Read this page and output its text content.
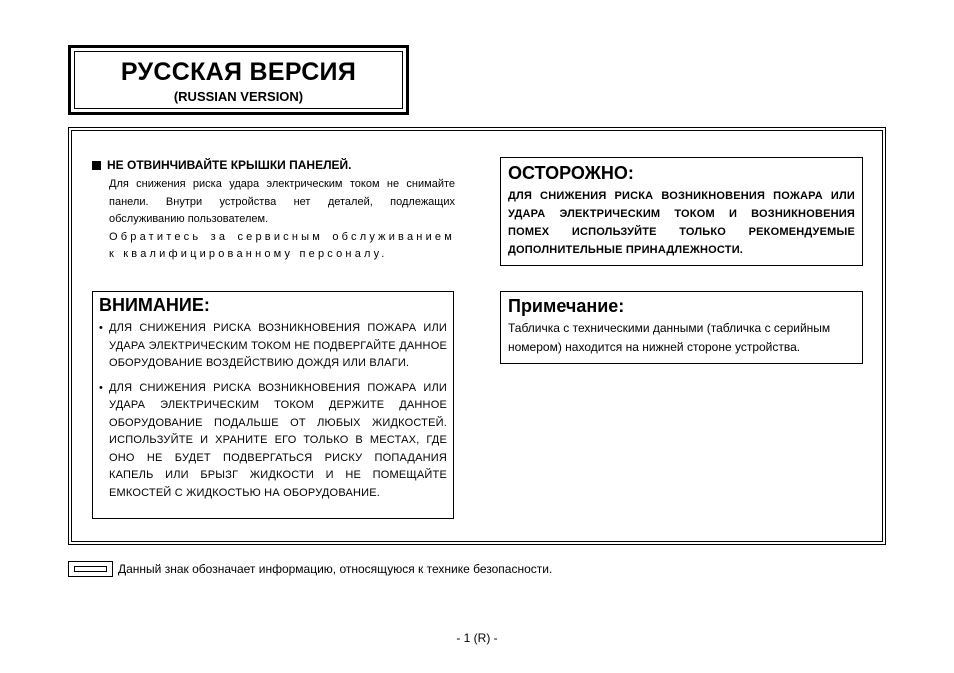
РУССКАЯ ВЕРСИЯ
(RUSSIAN VERSION)
НЕ ОТВИНЧИВАЙТЕ КРЫШКИ ПАНЕЛЕЙ.

Для снижения риска удара электрическим током не снимайте панели. Внутри устройства нет деталей, подлежащих обслуживанию пользователем.

Обратитесь за сервисным обслуживанием к квалифицированному персоналу.

ОСТОРОЖНО:
ДЛЯ СНИЖЕНИЯ РИСКА ВОЗНИКНОВЕНИЯ ПОЖАРА ИЛИ УДАРА ЭЛЕКТРИЧЕСКИМ ТОКОМ И ВОЗНИКНОВЕНИЯ ПОМЕХ ИСПОЛЬЗУЙТЕ ТОЛЬКО РЕКОМЕНДУЕМЫЕ ДОПОЛНИТЕЛЬНЫЕ ПРИНАДЛЕЖНОСТИ.
ВНИМАНИЕ:
• ДЛЯ СНИЖЕНИЯ РИСКА ВОЗНИКНОВЕНИЯ ПОЖАРА ИЛИ УДАРА ЭЛЕКТРИЧЕСКИМ ТОКОМ НЕ ПОДВЕРГАЙТЕ ДАННОЕ ОБОРУДОВАНИЕ ВОЗДЕЙСТВИЮ ДОЖДЯ ИЛИ ВЛАГИ.
• ДЛЯ СНИЖЕНИЯ РИСКА ВОЗНИКНОВЕНИЯ ПОЖАРА ИЛИ УДАРА ЭЛЕКТРИЧЕСКИМ ТОКОМ ДЕРЖИТЕ ДАННОЕ ОБОРУДОВАНИЕ ПОДАЛЬШЕ ОТ ЛЮБЫХ ЖИДКОСТЕЙ. ИСПОЛЬЗУЙТЕ И ХРАНИТЕ ЕГО ТОЛЬКО В МЕСТАХ, ГДЕ ОНО НЕ БУДЕТ ПОДВЕРГАТЬСЯ РИСКУ ПОПАДАНИЯ КАПЕЛЬ ИЛИ БРЫЗГ ЖИДКОСТИ И НЕ ПОМЕЩАЙТЕ ЕМКОСТЕЙ С ЖИДКОСТЬЮ НА ОБОРУДОВАНИЕ.
Примечание:
Табличка с техническими данными (табличка с серийным номером) находится на нижней стороне устройства.
Данный знак обозначает информацию, относящуюся к технике безопасности.
- 1 (R) -
